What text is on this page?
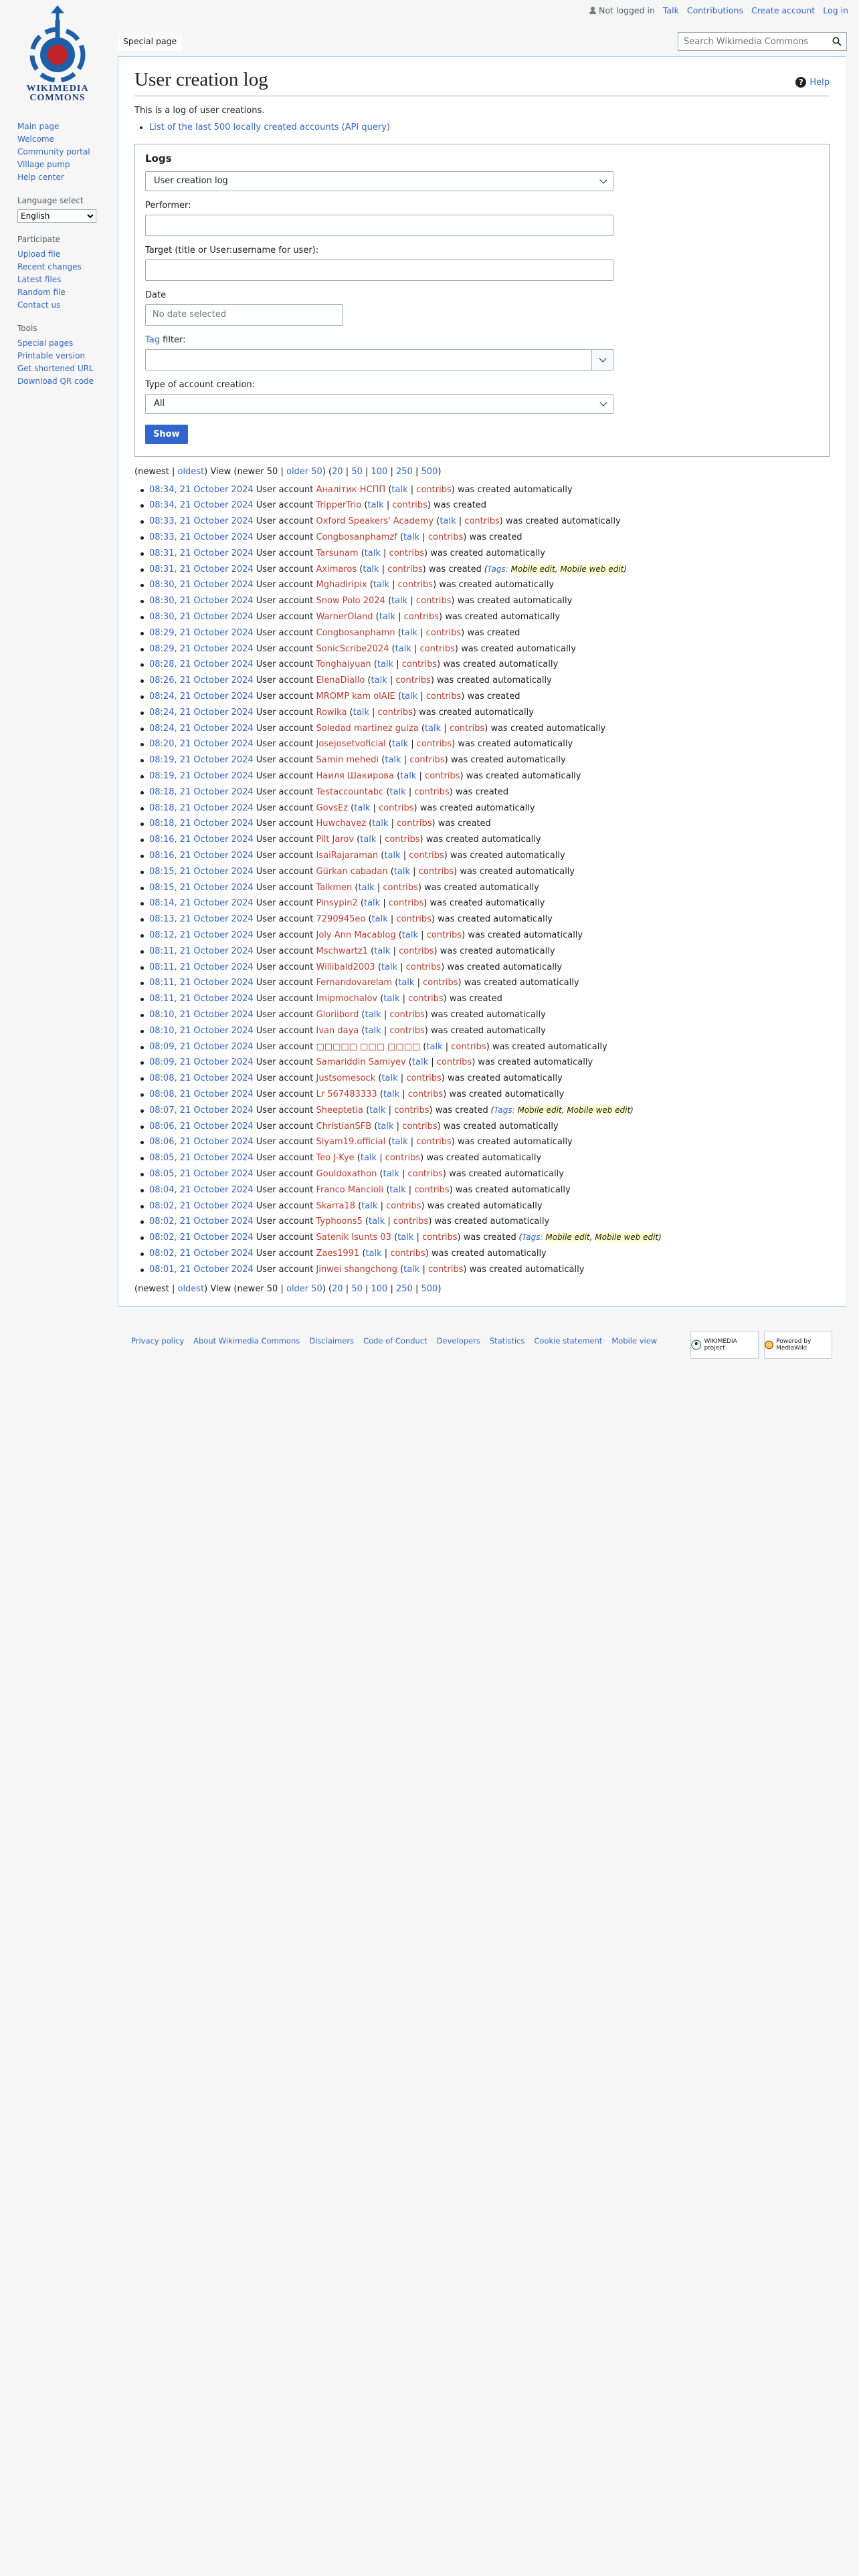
Not logged in Talk Contributions Create account Log in
WIKIMEDIA
COMMONS
Special page
Search Wikimedia Commons
Main page
Welcome
Community portal
Village pump
Help center
Language select
English
Participate
Upload file
Recent changes
Latest files
Random file
Contact us
Tools
Special pages
Printable version
Get shortened URL
Download QR code
User creation log	? Help

This is a log of user creations.

• List of the last 500 locally created accounts (API query)
Logs
User creation log
Performer:
Target (title or User:username for user):
Date
No date selected
Tag filter:
Type of account creation:
All
Show
(newest | oldest) View (newer 50 | older 50) (20 | 50 | 100 | 250 | 500)
08:34, 21 October 2024 User account Аналітик НСПП (talk | contribs) was created automatically
08:34, 21 October 2024 User account TripperTrio (talk | contribs) was created
08:33, 21 October 2024 User account Oxford Speakers' Academy (talk | contribs) was created automatically
08:33, 21 October 2024 User account Congbosanphamzf (talk | contribs) was created
08:31, 21 October 2024 User account Tarsunam (talk | contribs) was created automatically
08:31, 21 October 2024 User account Aximaros (talk | contribs) was created (Tags: Mobile edit, Mobile web edit)
08:30, 21 October 2024 User account Mghadiripix (talk | contribs) was created automatically
08:30, 21 October 2024 User account Snow Polo 2024 (talk | contribs) was created automatically
08:30, 21 October 2024 User account WarnerOland (talk | contribs) was created automatically
08:29, 21 October 2024 User account Congbosanphamn (talk | contribs) was created
08:29, 21 October 2024 User account SonicScribe2024 (talk | contribs) was created automatically
08:28, 21 October 2024 User account Tonghaiyuan (talk | contribs) was created automatically
08:26, 21 October 2024 User account ElenaDiallo (talk | contribs) was created automatically
08:24, 21 October 2024 User account MROMP kam olAIE (talk | contribs) was created
08:24, 21 October 2024 User account Rowika (talk | contribs) was created automatically
08:24, 21 October 2024 User account Soledad martinez guiza (talk | contribs) was created automatically
08:20, 21 October 2024 User account Josejosetvoficial (talk | contribs) was created automatically
08:19, 21 October 2024 User account Samin mehedi (talk | contribs) was created automatically
08:19, 21 October 2024 User account Наиля Шакирова (talk | contribs) was created automatically
08:18, 21 October 2024 User account Testaccountabc (talk | contribs) was created
08:18, 21 October 2024 User account GovsEz (talk | contribs) was created automatically
08:18, 21 October 2024 User account Huwchavez (talk | contribs) was created
08:16, 21 October 2024 User account Pilt Jarov (talk | contribs) was created automatically
08:16, 21 October 2024 User account IsaiRajaraman (talk | contribs) was created automatically
08:15, 21 October 2024 User account Gürkan cabadan (talk | contribs) was created automatically
08:15, 21 October 2024 User account Talkmen (talk | contribs) was created automatically
08:14, 21 October 2024 User account Pinsypin2 (talk | contribs) was created automatically
08:13, 21 October 2024 User account 7290945eo (talk | contribs) was created automatically
08:12, 21 October 2024 User account Joly Ann Macablog (talk | contribs) was created automatically
08:11, 21 October 2024 User account Mschwartz1 (talk | contribs) was created automatically
08:11, 21 October 2024 User account Willibald2003 (talk | contribs) was created automatically
08:11, 21 October 2024 User account Fernandovarelam (talk | contribs) was created automatically
08:11, 21 October 2024 User account Imipmochalov (talk | contribs) was created
08:10, 21 October 2024 User account Gloriibord (talk | contribs) was created automatically
08:10, 21 October 2024 User account Ivan daya (talk | contribs) was created automatically
08:09, 21 October 2024 User account □□□□□ □□□ □□□□ (talk | contribs) was created automatically
08:09, 21 October 2024 User account Samariddin Samiyev (talk | contribs) was created automatically
08:08, 21 October 2024 User account Justsomesock (talk | contribs) was created automatically
08:08, 21 October 2024 User account Lr 567483333 (talk | contribs) was created automatically
08:07, 21 October 2024 User account Sheeptetia (talk | contribs) was created (Tags: Mobile edit, Mobile web edit)
08:06, 21 October 2024 User account ChristianSFB (talk | contribs) was created automatically
08:06, 21 October 2024 User account Siyam19.official (talk | contribs) was created automatically
08:05, 21 October 2024 User account Teo J-Kye (talk | contribs) was created automatically
08:05, 21 October 2024 User account Gouldoxathon (talk | contribs) was created automatically
08:04, 21 October 2024 User account Franco Mancioli (talk | contribs) was created automatically
08:02, 21 October 2024 User account Skarra18 (talk | contribs) was created automatically
08:02, 21 October 2024 User account Typhoons5 (talk | contribs) was created automatically
08:02, 21 October 2024 User account Satenik Isunts 03 (talk | contribs) was created (Tags: Mobile edit, Mobile web edit)
08:02, 21 October 2024 User account Zaes1991 (talk | contribs) was created automatically
08:01, 21 October 2024 User account Jinwei shangchong (talk | contribs) was created automatically
(newest | oldest) View (newer 50 | older 50) (20 | 50 | 100 | 250 | 500)
Privacy policy About Wikimedia Commons Disclaimers Code of Conduct Developers Statistics Cookie statement Mobile view	WIKIMEDIA project
Powered by MediaWiki
